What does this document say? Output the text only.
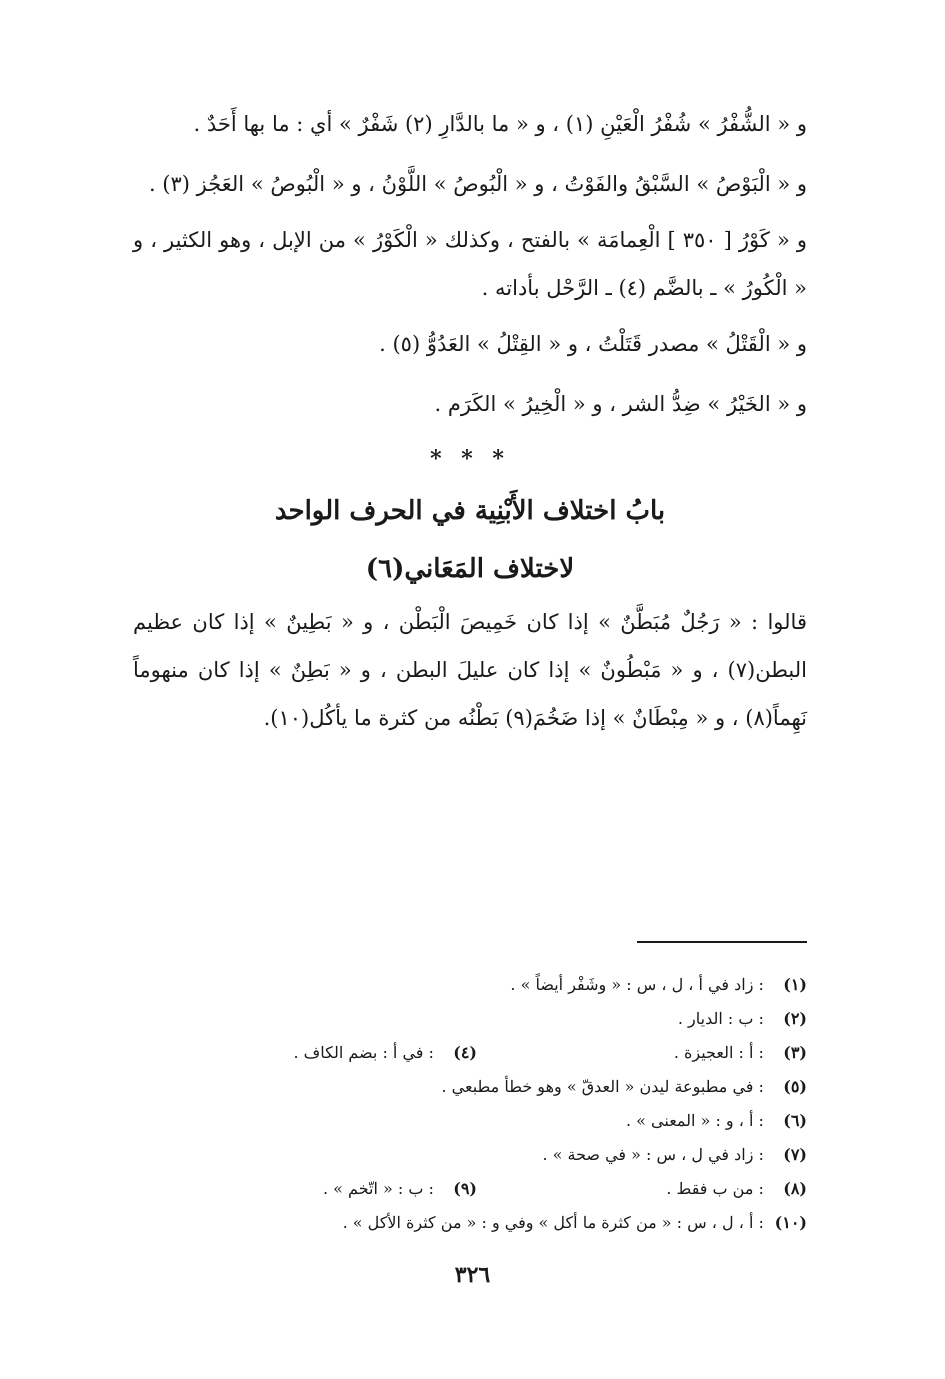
و « الشُّفْرُ » شُفْرُ الْعَيْنِ (١) ، و « ما بالدَّارِ (٢) شَفْرٌ » أي : ما بها أَحَدٌ .

و « الْبَوْصُ » السَّبْقُ والفَوْتُ ، و « الْبُوصُ » اللَّوْنُ ، و « الْبُوصُ » العَجُز (٣) .

و « كَوْرُ [ ٣٥٠ ] الْعِمامَة » بالفتح ، وكذلك « الْكَوْرُ » من الإبل ، وهو الكثير ، و « الْكُورُ » ـ بالضَّم (٤) ـ الرَّحْل بأداته .

و « الْقَتْلُ » مصدر قَتَلْتُ ، و « القِتْلُ » العَدُوُّ (٥) .

و « الخَيْرُ » ضِدُّ الشر ، و « الْخِيرُ » الكَرَم .

* * *
بابُ اختلاف الأَبْنِية في الحرف الواحد
لاختلاف المَعَاني(٦)

قالوا : « رَجُلٌ مُبَطَّنٌ » إذا كان خَمِيصَ الْبَطْن ، و « بَطِينٌ » إذا كان عظيم البطن(٧) ، و « مَبْطُونٌ » إذا كان عليلَ البطن ، و « بَطِنٌ » إذا كان منهوماً نَهِماً(٨) ، و « مِبْطَانٌ » إذا ضَخُمَ(٩) بَطْنُه من كثرة ما يأكُل(١٠).

(١) : زاد في أ ، ل ، س : « وشَفْر أيضاً » .
(٢) : ب : الديار .
(٣) : أ : العجيزة .
(٤) : في أ : بضم الكاف .
(٥) : في مطبوعة ليدن « العدقّ » وهو خطأ مطبعي .
(٦) : أ ، و : « المعنى » .
(٧) : زاد في ل ، س : « في صحة » .
(٨) : من ب فقط .
(٩) : ب : « اتّخم » .
(١٠) : أ ، ل ، س : « من كثرة ما أكل » وفي و : « من كثرة الأكل » .
٣٢٦
